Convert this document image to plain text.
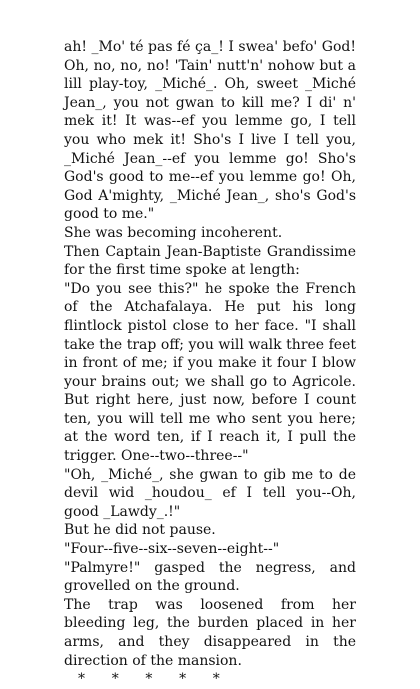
ah! _Mo' té pas fé ça_! I swea' befo' God! Oh, no, no, no! 'Tain' nutt'n' nohow but a lill play-toy, _Miché_. Oh, sweet _Miché Jean_, you not gwan to kill me? I di' n' mek it! It was--ef you lemme go, I tell you who mek it! Sho's I live I tell you, _Miché Jean_--ef you lemme go! Sho's God's good to me--ef you lemme go! Oh, God A'mighty, _Miché Jean_, sho's God's good to me."

She was becoming incoherent.

Then Captain Jean-Baptiste Grandissime for the first time spoke at length:

"Do you see this?" he spoke the French of the Atchafalaya. He put his long flintlock pistol close to her face. "I shall take the trap off; you will walk three feet in front of me; if you make it four I blow your brains out; we shall go to Agricole. But right here, just now, before I count ten, you will tell me who sent you here; at the word ten, if I reach it, I pull the trigger. One--two--three--"

"Oh, _Miché_, she gwan to gib me to de devil wid _houdou_ ef I tell you--Oh, good _Lawdy_.!"

But he did not pause.

"Four--five--six--seven--eight--"

"Palmyre!" gasped the negress, and grovelled on the ground.

The trap was loosened from her bleeding leg, the burden placed in her arms, and they disappeared in the direction of the mansion.

*      *      *      *      *
